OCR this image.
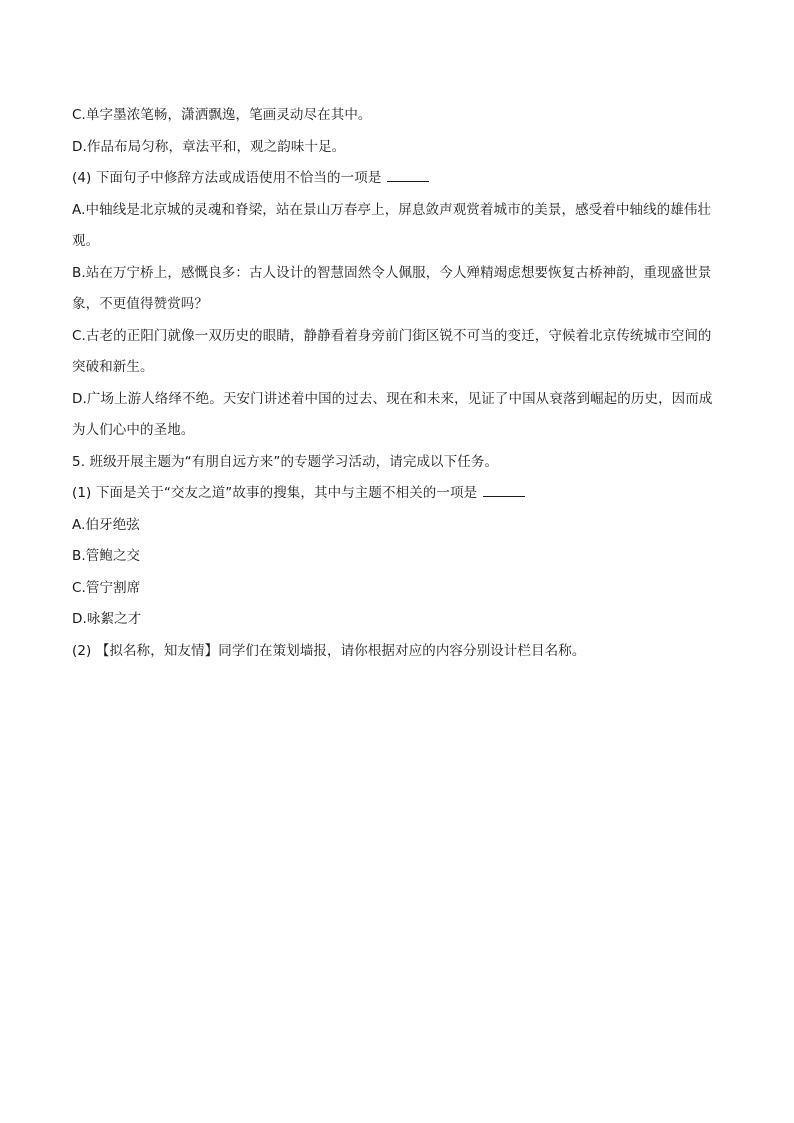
C.单字墨浓笔畅，潇洒飘逸，笔画灵动尽在其中。
D.作品布局匀称，章法平和，观之韵味十足。
(4) 下面句子中修辞方法或成语使用不恰当的一项是
A.中轴线是北京城的灵魂和脊梁，站在景山万春亭上，屏息敛声观赏着城市的美景，感受着中轴线的雄伟壮观。
B.站在万宁桥上，感慨良多：古人设计的智慧固然令人佩服，今人殚精竭虑想要恢复古桥神韵，重现盛世景象，不更值得赞赏吗？
C.古老的正阳门就像一双历史的眼睛，静静看着身旁前门街区锐不可当的变迁，守候着北京传统城市空间的突破和新生。
D.广场上游人络绎不绝。天安门讲述着中国的过去、现在和未来，见证了中国从衰落到崛起的历史，因而成为人们心中的圣地。
5. 班级开展主题为“有朋自远方来”的专题学习活动，请完成以下任务。
(1) 下面是关于“交友之道”故事的搜集，其中与主题不相关的一项是
A.伯牙绝弦
B.管鲍之交
C.管宁割席
D.咏絮之才
(2) 【拟名称，知友情】同学们在策划墙报，请你根据对应的内容分别设计栏目名称。
